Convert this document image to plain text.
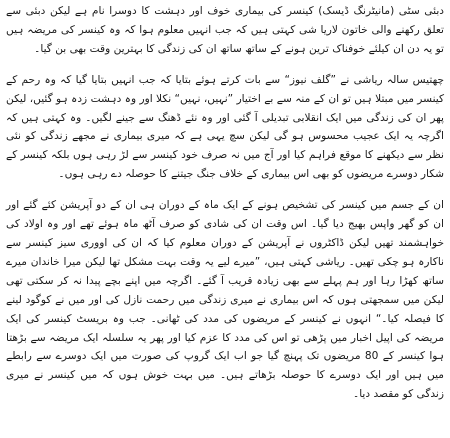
دبئی سٹی (مانیٹرنگ ڈیسک) کینسر کی بیماری خوف اور دہشت کا دوسرا نام ہے لیکن دبئی سے تعلق رکھنے والی خاتون لاریا شی کہتی ہیں کہ جب انہیں معلوم ہوا کہ وہ کینسر کی مریضہ ہیں تو یہ دن ان کیلئے خوفناک ترین ہونے کے ساتھ ساتھ ان کی زندگی کا بہترین وقت بھی بن گیا۔

چھتیس سالہ ریاشی نے ”گلف نیوز“ سے بات کرتے ہوئے بتایا کہ جب انہیں بتایا گیا کہ وہ رحم کے کینسر میں مبتلا ہیں تو ان کے منہ سے بے اختیار ”نہیں، نہیں“ نکلا اور وہ دہشت زدہ ہو گئیں، لیکن پھر ان کی زندگی میں ایک انقلابی تبدیلی آ گئی اور وہ نئے ڈھنگ سے جینے لگیں۔ وہ کہتی ہیں کہ اگرچہ یہ ایک عجیب محسوس ہو گی لیکن سچ یہی ہے کہ میری بیماری نے مجھے زندگی کو نئی نظر سے دیکھنے کا موقع فراہم کیا اور آج میں نہ صرف خود کینسر سے لڑ رہی ہوں بلکہ کینسر کے شکار دوسرے مریضوں کو بھی اس بیماری کے خلاف جنگ جیتنے کا حوصلہ دے رہی ہوں۔

ان کے جسم میں کینسر کی تشخیص ہونے کے ایک ماہ کے دوران ہی ان کے دو آپریشن کئے گئے اور ان کو گھر واپس بھیج دیا گیا۔ اس وقت ان کی شادی کو صرف آٹھ ماہ ہوئے تھے اور وہ اولاد کی خواہشمند تھیں لیکن ڈاکٹروں نے آپریشن کے دوران معلوم کیا کہ ان کی اووری سیز کینسر سے ناکارہ ہو چکی تھیں۔ ریاشی کہتی ہیں، ”میرے لیے یہ وقت بہت مشکل تھا لیکن میرا خاندان میرے ساتھ کھڑا رہا اور ہم پہلے سے بھی زیادہ قریب آ گئے۔ اگرچہ میں اپنے بچے پیدا نہ کر سکتی تھی لیکن میں سمجھتی ہوں کہ اس بیماری نے میری زندگی میں رحمت نازل کی اور میں نے کوگود لینے کا فیصلہ کیا۔“ انہوں نے کینسر کے مریضوں کی مدد کی ٹھانی۔ جب وہ بریسٹ کینسر کی ایک مریضہ کی اپیل اخبار میں پڑھی تو اس کی مدد کا عزم کیا اور پھر یہ سلسلہ ایک مریضہ سے بڑھتا ہوا کینسر کے 80 مریضوں تک پہنچ گیا جو اب ایک گروپ کی صورت میں ایک دوسرے سے رابطے میں ہیں اور ایک دوسرے کا حوصلہ بڑھاتے ہیں۔ میں بہت خوش ہوں کہ میں کینسر نے میری زندگی کو مقصد دیا۔
